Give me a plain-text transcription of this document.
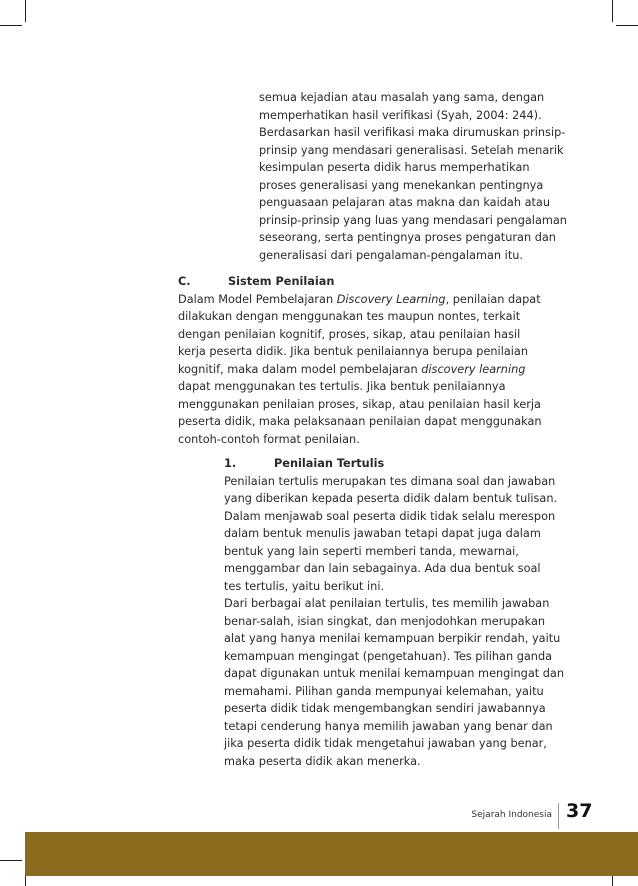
semua kejadian atau masalah yang sama, dengan
memperhatikan hasil verifikasi (Syah, 2004: 244).
Berdasarkan hasil verifikasi maka dirumuskan prinsip-
prinsip yang mendasari generalisasi. Setelah menarik
kesimpulan peserta didik harus memperhatikan
proses generalisasi yang menekankan pentingnya
penguasaan pelajaran atas makna dan kaidah atau
prinsip-prinsip yang luas yang mendasari pengalaman
seseorang, serta pentingnya proses pengaturan dan
generalisasi dari pengalaman-pengalaman itu.
C.	Sistem Penilaian
Dalam Model Pembelajaran Discovery Learning, penilaian dapat
dilakukan dengan menggunakan tes maupun nontes, terkait
dengan penilaian kognitif, proses, sikap, atau penilaian hasil
kerja peserta didik. Jika bentuk penilaiannya berupa penilaian
kognitif, maka dalam model pembelajaran discovery learning
dapat menggunakan tes tertulis. Jika bentuk penilaiannya
menggunakan penilaian proses, sikap, atau penilaian hasil kerja
peserta didik, maka pelaksanaan penilaian dapat menggunakan
contoh-contoh format penilaian.
1.	Penilaian Tertulis
Penilaian tertulis merupakan tes dimana soal dan jawaban
yang diberikan kepada peserta didik dalam bentuk tulisan.
Dalam menjawab soal peserta didik tidak selalu merespon
dalam bentuk menulis jawaban tetapi dapat juga dalam
bentuk yang lain seperti memberi tanda, mewarnai,
menggambar dan lain sebagainya. Ada dua bentuk soal
tes tertulis, yaitu berikut ini.
Dari berbagai alat penilaian tertulis, tes memilih jawaban
benar-salah, isian singkat, dan menjodohkan merupakan
alat yang hanya menilai kemampuan berpikir rendah, yaitu
kemampuan mengingat (pengetahuan). Tes pilihan ganda
dapat digunakan untuk menilai kemampuan mengingat dan
memahami. Pilihan ganda mempunyai kelemahan, yaitu
peserta didik tidak mengembangkan sendiri jawabannya
tetapi cenderung hanya memilih jawaban yang benar dan
jika peserta didik tidak mengetahui jawaban yang benar,
maka peserta didik akan menerka.
Sejarah Indonesia 37
